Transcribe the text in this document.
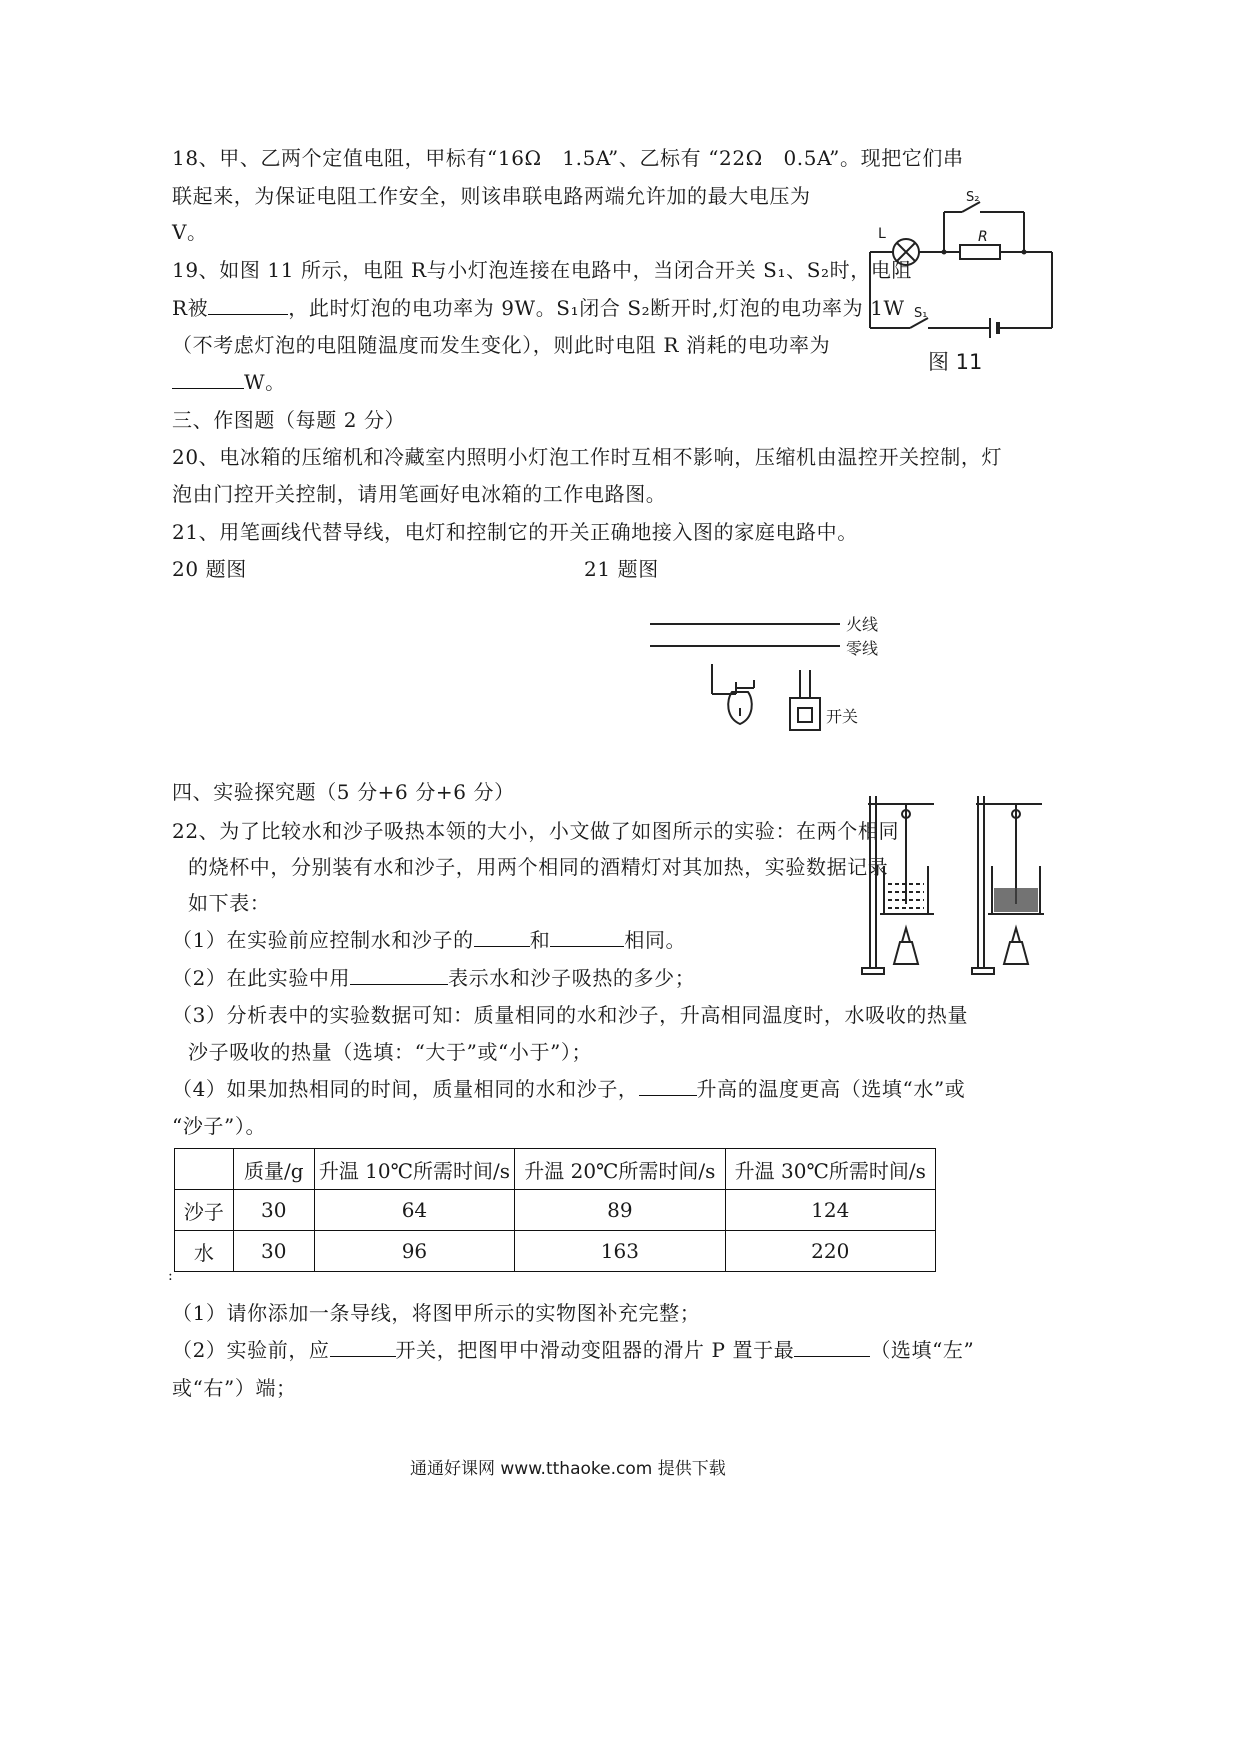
18、甲、乙两个定值电阻，甲标有“16Ω　1.5A”、乙标有 “22Ω　0.5A”。现把它们串
联起来，为保证电阻工作安全，则该串联电路两端允许加的最大电压为
V。
19、如图 11 所示，电阻 R与小灯泡连接在电路中，当闭合开关 S₁、S₂时，电阻
R被	，此时灯泡的电功率为 9W。S₁闭合 S₂断开时,灯泡的电功率为 1W
（不考虑灯泡的电阻随温度而发生变化），则此时电阻 R 消耗的电功率为
W。
L	R
S₂
S₁
图 11
三、作图题（每题 2 分）
20、电冰箱的压缩机和冷藏室内照明小灯泡工作时互相不影响，压缩机由温控开关控制，灯
泡由门控开关控制，请用笔画好电冰箱的工作电路图。
21、用笔画线代替导线，电灯和控制它的开关正确地接入图的家庭电路中。
20 题图	21 题图
火线
零线
开关
四、实验探究题（5 分+6 分+6 分）
22、为了比较水和沙子吸热本领的大小，小文做了如图所示的实验：在两个相同
的烧杯中，分别装有水和沙子，用两个相同的酒精灯对其加热，实验数据记录
如下表：
（1）在实验前应控制水和沙子的	和	相同。
（2）在此实验中用	表示水和沙子吸热的多少；
（3）分析表中的实验数据可知：质量相同的水和沙子，升高相同温度时，水吸收的热量
沙子吸收的热量（选填：“大于”或“小于”）；
（4）如果加热相同的时间，质量相同的水和沙子，	升高的温度更高（选填“水”或
“沙子”）。
	质量/g	升温 10℃所需时间/s	升温 20℃所需时间/s	升温 30℃所需时间/s
沙子	30	64	89	124
水	30	96	163	220
:
（1）请你添加一条导线，将图甲所示的实物图补充完整；
（2）实验前，应	开关，把图甲中滑动变阻器的滑片 P 置于最	（选填“左”
或“右”）端；
通通好课网 www.tthaoke.com 提供下载
